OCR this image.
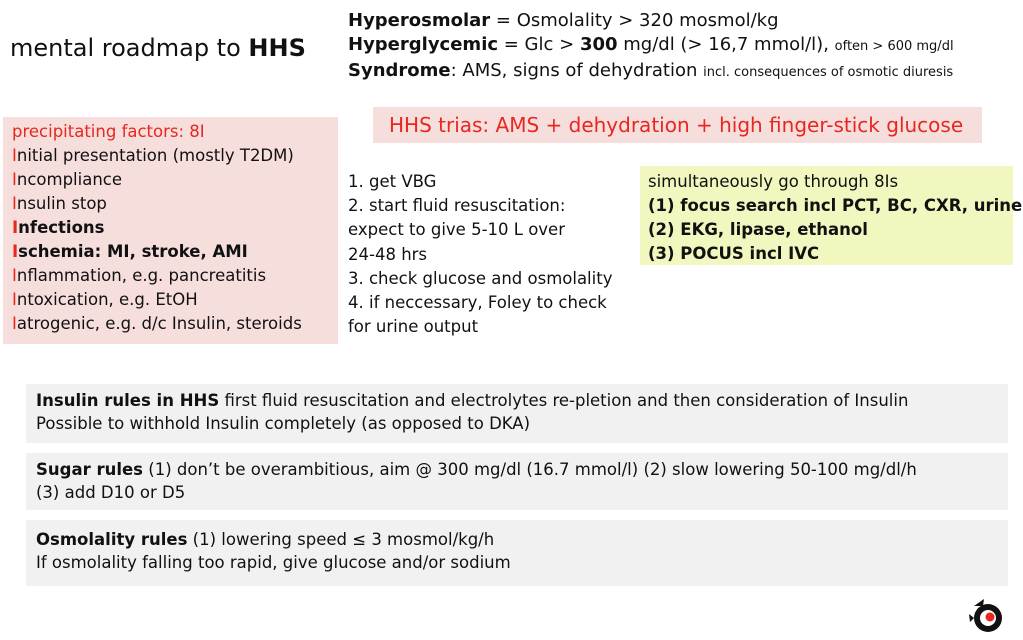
mental roadmap to HHS
Hyperosmolar = Osmolality > 320 mosmol/kg
Hyperglycemic = Glc > 300 mg/dl (> 16,7 mmol/l), often > 600 mg/dl
Syndrome: AMS, signs of dehydration incl. consequences of osmotic diuresis
HHS trias: AMS + dehydration + high finger-stick glucose
precipitating factors: 8I
Initial presentation (mostly T2DM)
Incompliance
Insulin stop
Infections
Ischemia: MI, stroke, AMI
Inflammation, e.g. pancreatitis
Intoxication, e.g. EtOH
Iatrogenic, e.g. d/c Insulin, steroids
1. get VBG
2. start fluid resuscitation:
expect to give 5-10 L over
24-48 hrs
3. check glucose and osmolality
4. if neccessary, Foley to check
for urine output
simultaneously go through 8Is
(1) focus search incl PCT, BC, CXR, urine
(2) EKG, lipase, ethanol
(3) POCUS incl IVC
Insulin rules in HHS first fluid resuscitation and electrolytes re-pletion and then consideration of Insulin
Possible to withhold Insulin completely (as opposed to DKA)
Sugar rules (1) don’t be overambitious, aim @ 300 mg/dl (16.7 mmol/l) (2) slow lowering 50-100 mg/dl/h
(3) add D10 or D5
Osmolality rules (1) lowering speed ≤ 3 mosmol/kg/h
If osmolality falling too rapid, give glucose and/or sodium
